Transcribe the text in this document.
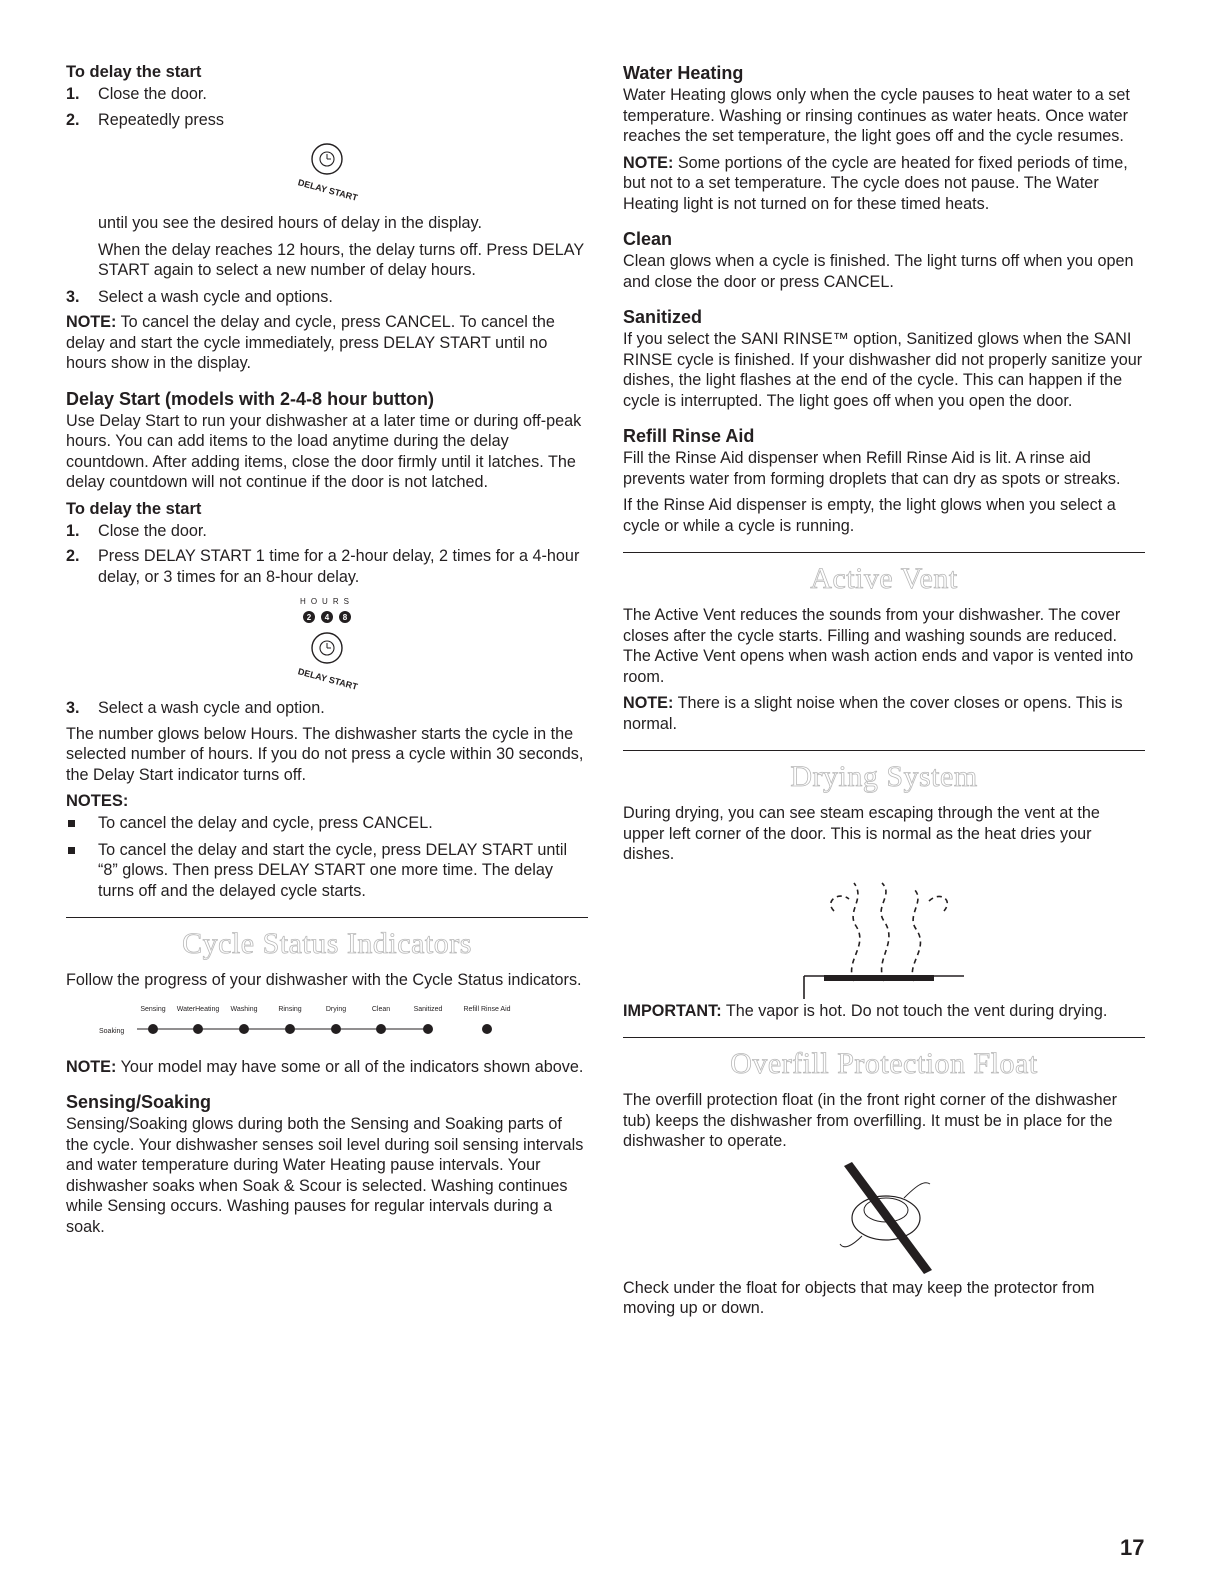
To delay the start
1. Close the door.
2. Repeatedly press
DELAY START

until you see the desired hours of delay in the display.

When the delay reaches 12 hours, the delay turns off. Press DELAY START again to select a new number of delay hours.

3. Select a wash cycle and options.

NOTE: To cancel the delay and cycle, press CANCEL. To cancel the delay and start the cycle immediately, press DELAY START until no hours show in the display.

Delay Start (models with 2-4-8 hour button)

Use Delay Start to run your dishwasher at a later time or during off-peak hours. You can add items to the load anytime during the delay countdown. After adding items, close the door firmly until it latches. The delay countdown will not continue if the door is not latched.

To delay the start
1. Close the door.
2. Press DELAY START 1 time for a 2-hour delay, 2 times for a 4-hour delay, or 3 times for an 8-hour delay.
HOURS
2 4 8
DELAY START
3. Select a wash cycle and option.

The number glows below Hours. The dishwasher starts the cycle in the selected number of hours. If you do not press a cycle within 30 seconds, the Delay Start indicator turns off.

NOTES:
To cancel the delay and cycle, press CANCEL.
To cancel the delay and start the cycle, press DELAY START until “8” glows. Then press DELAY START one more time. The delay turns off and the delayed cycle starts.
Cycle Status Indicators

Follow the progress of your dishwasher with the Cycle Status indicators.

Soaking
Sensing WaterHeating Washing	Rinsing	Drying	Clean	Sanitized	Refill Rinse Aid

NOTE: Your model may have some or all of the indicators shown above.

Sensing/Soaking

Sensing/Soaking glows during both the Sensing and Soaking parts of the cycle. Your dishwasher senses soil level during soil sensing intervals and water temperature during Water Heating pause intervals. Your dishwasher soaks when Soak & Scour is selected. Washing continues while Sensing occurs. Washing pauses for regular intervals during a soak.

Water Heating

Water Heating glows only when the cycle pauses to heat water to a set temperature. Washing or rinsing continues as water heats. Once water reaches the set temperature, the light goes off and the cycle resumes.

NOTE: Some portions of the cycle are heated for fixed periods of time, but not to a set temperature. The cycle does not pause. The Water Heating light is not turned on for these timed heats.

Clean

Clean glows when a cycle is finished. The light turns off when you open and close the door or press CANCEL.

Sanitized

If you select the SANI RINSE™ option, Sanitized glows when the SANI RINSE cycle is finished. If your dishwasher did not properly sanitize your dishes, the light flashes at the end of the cycle. This can happen if the cycle is interrupted. The light goes off when you open the door.

Refill Rinse Aid

Fill the Rinse Aid dispenser when Refill Rinse Aid is lit. A rinse aid prevents water from forming droplets that can dry as spots or streaks.

If the Rinse Aid dispenser is empty, the light glows when you select a cycle or while a cycle is running.

Active Vent

The Active Vent reduces the sounds from your dishwasher. The cover closes after the cycle starts. Filling and washing sounds are reduced. The Active Vent opens when wash action ends and vapor is vented into room.

NOTE: There is a slight noise when the cover closes or opens. This is normal.

Drying System

During drying, you can see steam escaping through the vent at the upper left corner of the door. This is normal as the heat dries your dishes.

IMPORTANT: The vapor is hot. Do not touch the vent during drying.

Overfill Protection Float

The overfill protection float (in the front right corner of the dishwasher tub) keeps the dishwasher from overfilling. It must be in place for the dishwasher to operate.

Check under the float for objects that may keep the protector from moving up or down.

17
